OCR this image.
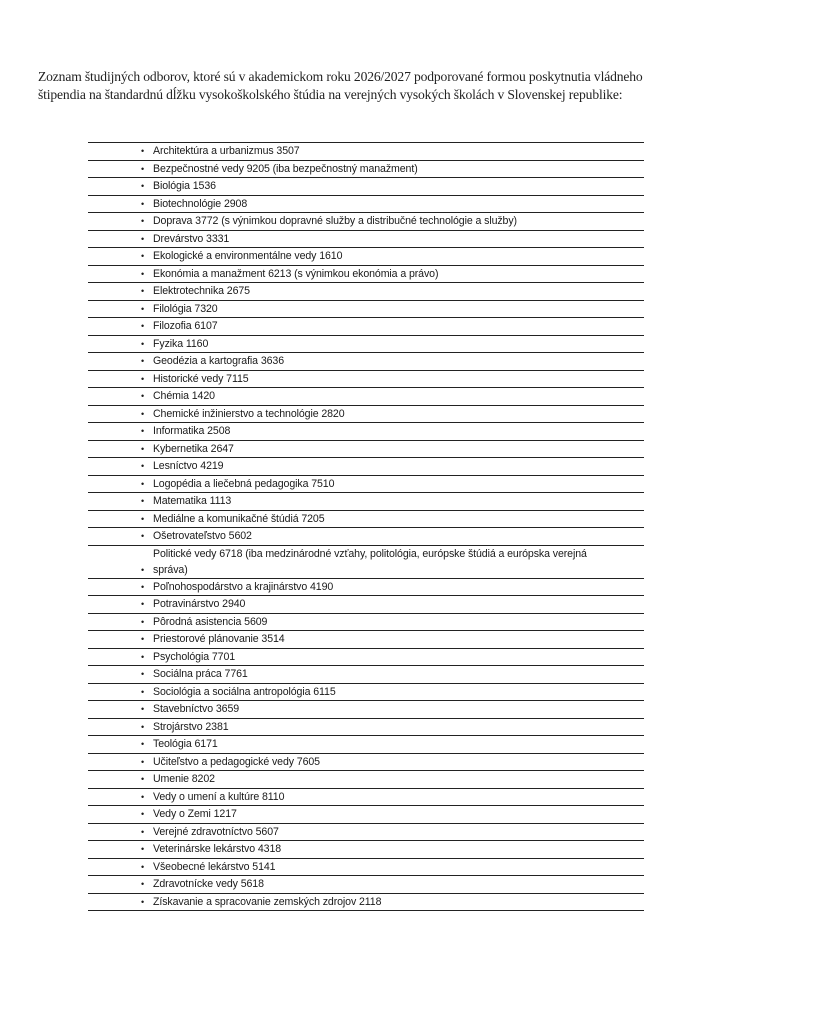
Zoznam študijných odborov, ktoré sú v akademickom roku 2026/2027 podporované formou poskytnutia vládneho

štipendia na štandardnú dĺžku vysokoškolského štúdia na verejných vysokých školách v Slovenskej republike:

• Architektúra a urbanizmus 3507
• Bezpečnostné vedy 9205 (iba bezpečnostný manažment)
• Biológia 1536
• Biotechnológie 2908
• Doprava 3772 (s výnimkou dopravné služby a distribučné technológie a služby)
• Drevárstvo 3331
• Ekologické a environmentálne vedy 1610
• Ekonómia a manažment 6213 (s výnimkou ekonómia a právo)
• Elektrotechnika 2675
• Filológia 7320
• Filozofia 6107
• Fyzika 1160
• Geodézia a kartografia 3636
• Historické vedy 7115
• Chémia 1420
• Chemické inžinierstvo a technológie 2820
• Informatika 2508
• Kybernetika 2647
• Lesníctvo 4219
• Logopédia a liečebná pedagogika 7510
• Matematika 1113
• Mediálne a komunikačné štúdiá 7205
• Ošetrovateľstvo 5602
•
Politické vedy 6718 (iba medzinárodné vzťahy, politológia, európske štúdiá a európska verejná správa)
• Poľnohospodárstvo a krajinárstvo 4190
• Potravinárstvo 2940
• Pôrodná asistencia 5609
• Priestorové plánovanie 3514
• Psychológia 7701
• Sociálna práca 7761
• Sociológia a sociálna antropológia 6115
• Stavebníctvo 3659
• Strojárstvo 2381
• Teológia 6171
• Učiteľstvo a pedagogické vedy 7605
• Umenie 8202
• Vedy o umení a kultúre 8110
• Vedy o Zemi 1217
• Verejné zdravotníctvo 5607
• Veterinárske lekárstvo 4318
• Všeobecné lekárstvo 5141
• Zdravotnícke vedy 5618
• Získavanie a spracovanie zemských zdrojov 2118
